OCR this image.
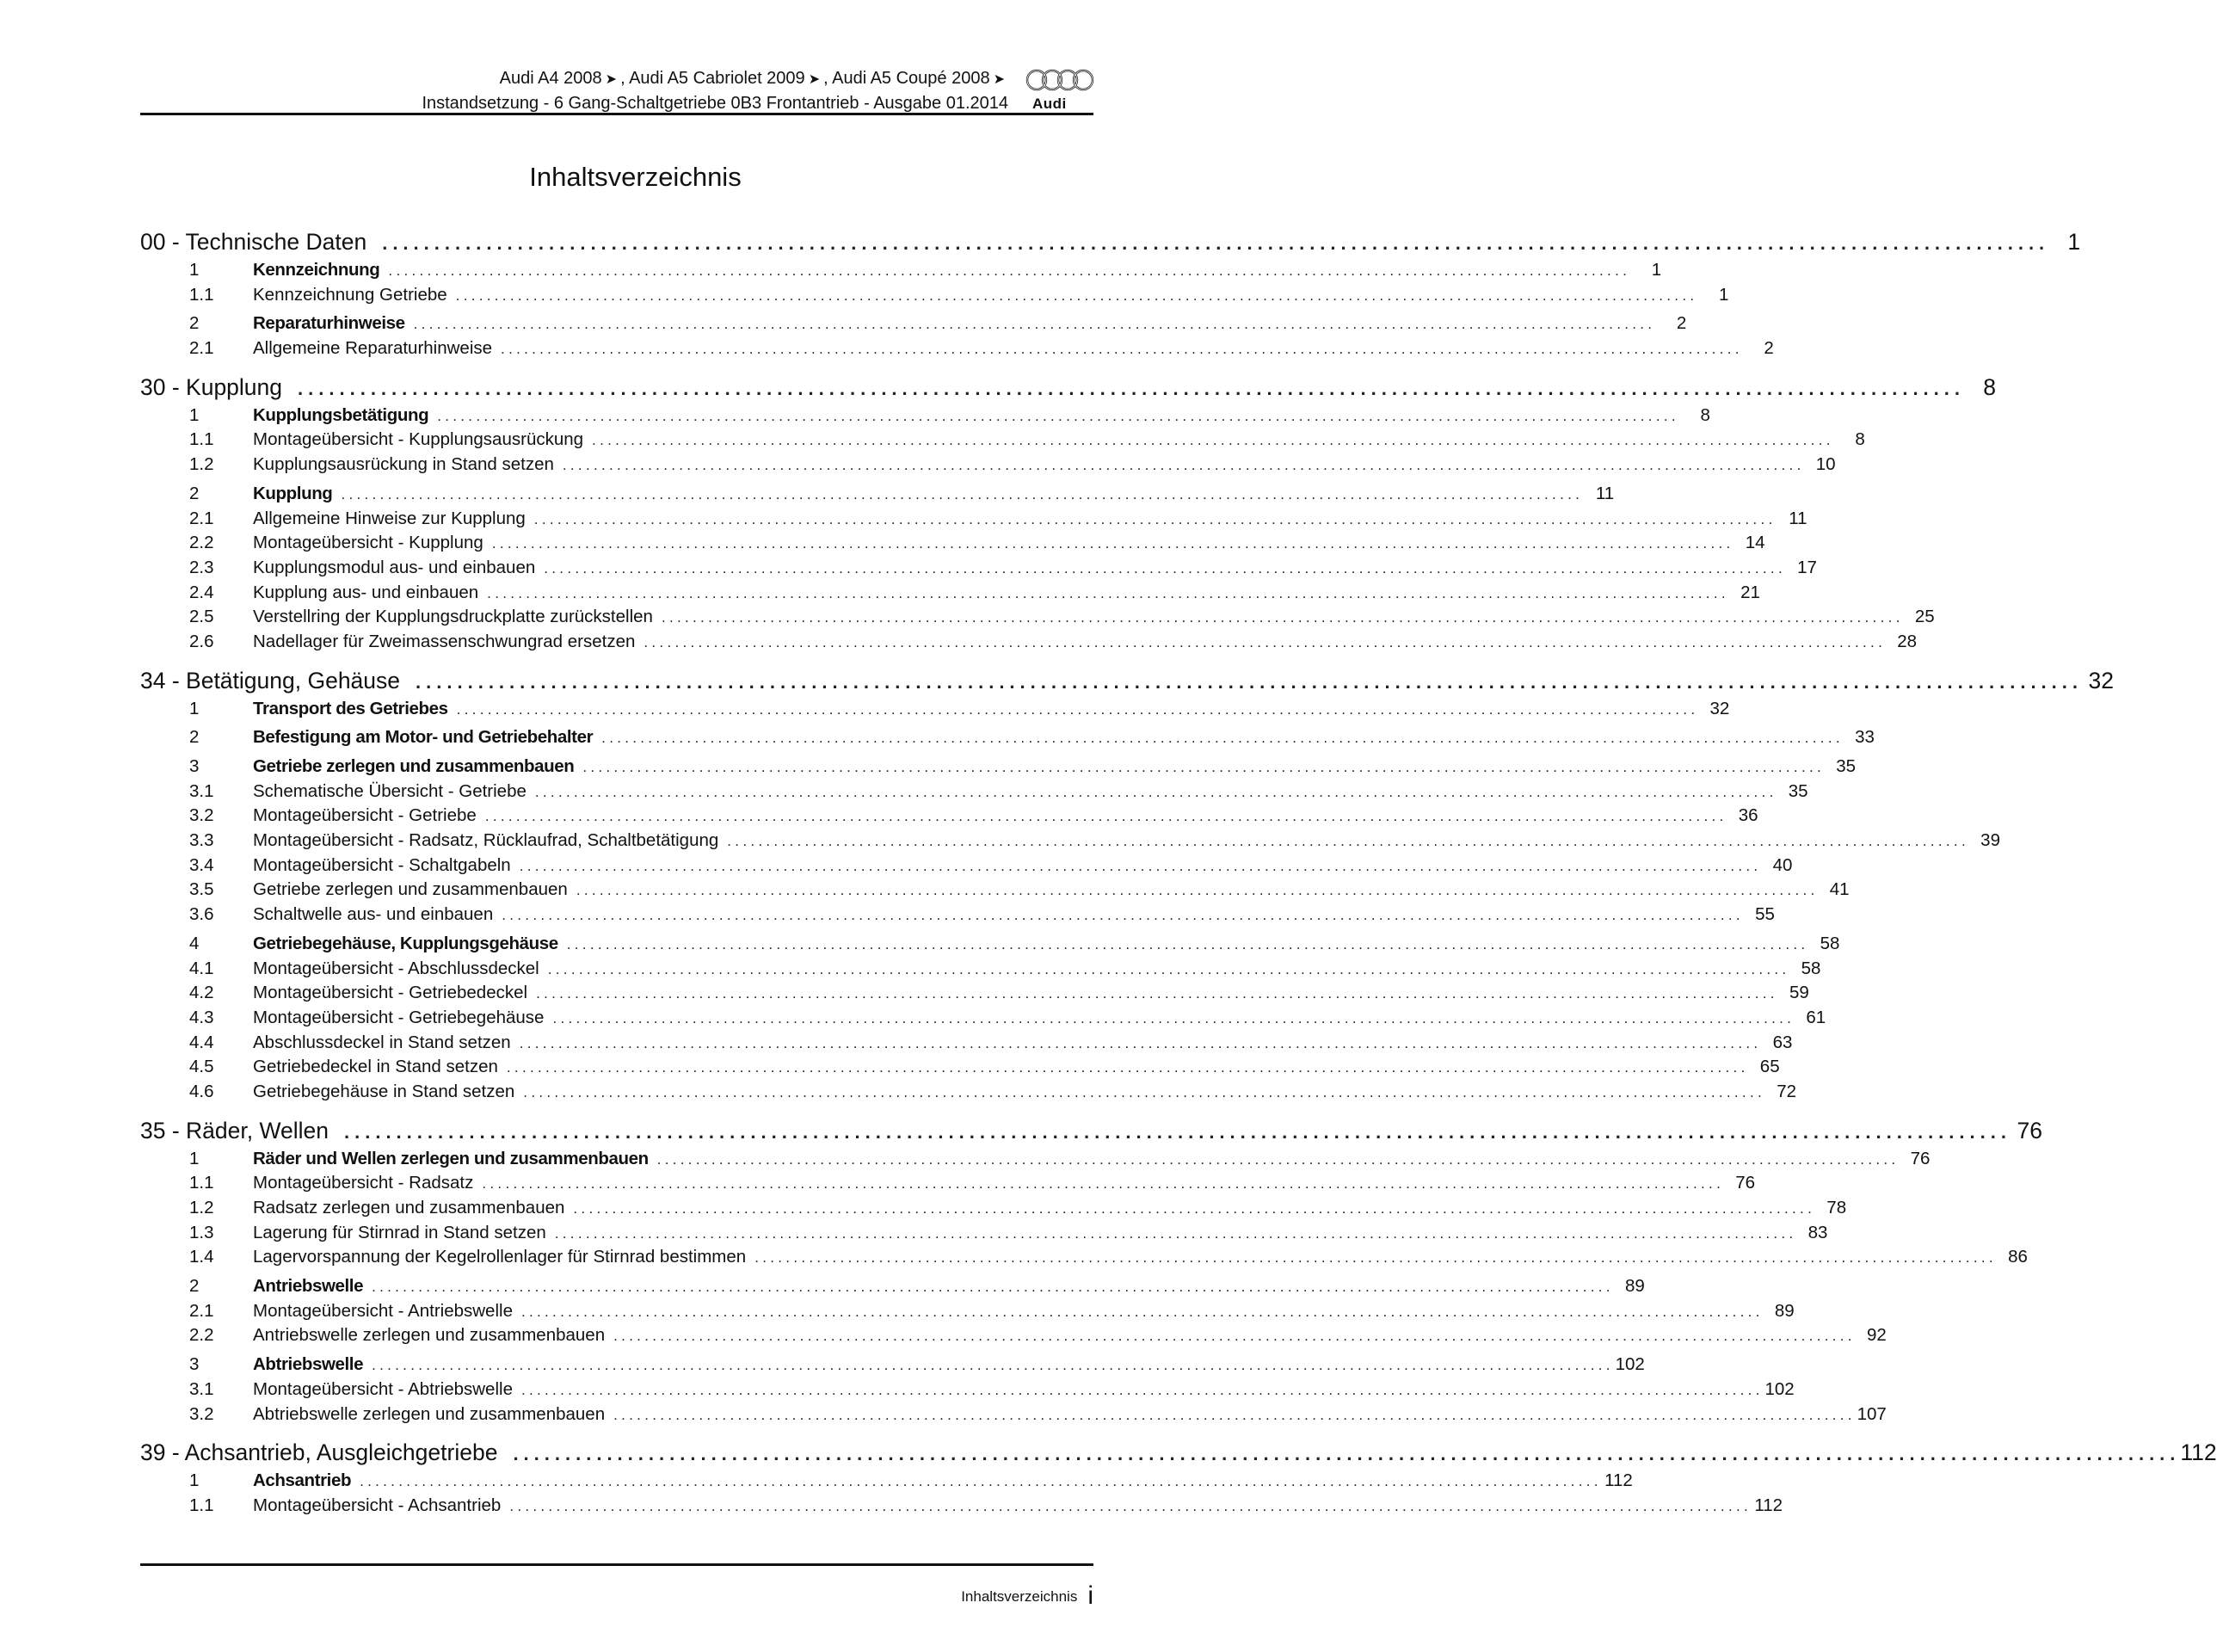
Audi A4 2008 ➤ , Audi A5 Cabriolet 2009 ➤ , Audi A5 Coupé 2008 ➤
Instandsetzung - 6 Gang-Schaltgetriebe 0B3 Frontantrieb - Ausgabe 01.2014 Audi
Inhaltsverzeichnis
00 - Technische Daten ................................................................................................................................................................ 1
1	Kennzeichnung ................................................................................................................................................................	1
1.1	Kennzeichnung Getriebe ................................................................................................................................................................	1
2	Reparaturhinweise ................................................................................................................................................................	2
2.1	Allgemeine Reparaturhinweise ................................................................................................................................................................	2
30 - Kupplung ................................................................................................................................................................ 8
1	Kupplungsbetätigung ................................................................................................................................................................	8
1.1	Montageübersicht - Kupplungsausrückung ................................................................................................................................................................	8
1.2	Kupplungsausrückung in Stand setzen ................................................................................................................................................................ 10
2	Kupplung ................................................................................................................................................................ 11
2.1	Allgemeine Hinweise zur Kupplung ................................................................................................................................................................ 11
2.2	Montageübersicht - Kupplung ................................................................................................................................................................ 14
2.3	Kupplungsmodul aus- und einbauen ................................................................................................................................................................ 17
2.4	Kupplung aus- und einbauen ................................................................................................................................................................ 21
2.5	Verstellring der Kupplungsdruckplatte zurückstellen ................................................................................................................................................................ 25
2.6	Nadellager für Zweimassenschwungrad ersetzen ................................................................................................................................................................ 28
34 - Betätigung, Gehäuse ................................................................................................................................................................ 32
1	Transport des Getriebes ................................................................................................................................................................ 32
2	Befestigung am Motor- und Getriebehalter ................................................................................................................................................................ 33
3	Getriebe zerlegen und zusammenbauen ................................................................................................................................................................ 35
3.1	Schematische Übersicht - Getriebe ................................................................................................................................................................ 35
3.2	Montageübersicht - Getriebe ................................................................................................................................................................ 36
3.3	Montageübersicht - Radsatz, Rücklaufrad, Schaltbetätigung ................................................................................................................................................................ 39
3.4	Montageübersicht - Schaltgabeln ................................................................................................................................................................ 40
3.5	Getriebe zerlegen und zusammenbauen ................................................................................................................................................................ 41
3.6	Schaltwelle aus- und einbauen ................................................................................................................................................................ 55
4	Getriebegehäuse, Kupplungsgehäuse ................................................................................................................................................................ 58
4.1	Montageübersicht - Abschlussdeckel ................................................................................................................................................................ 58
4.2	Montageübersicht - Getriebedeckel ................................................................................................................................................................ 59
4.3	Montageübersicht - Getriebegehäuse ................................................................................................................................................................ 61
4.4	Abschlussdeckel in Stand setzen ................................................................................................................................................................ 63
4.5	Getriebedeckel in Stand setzen ................................................................................................................................................................ 65
4.6	Getriebegehäuse in Stand setzen ................................................................................................................................................................ 72
35 - Räder, Wellen ................................................................................................................................................................ 76
1	Räder und Wellen zerlegen und zusammenbauen ................................................................................................................................................................ 76
1.1	Montageübersicht - Radsatz ................................................................................................................................................................ 76
1.2	Radsatz zerlegen und zusammenbauen ................................................................................................................................................................ 78
1.3	Lagerung für Stirnrad in Stand setzen ................................................................................................................................................................ 83
1.4	Lagervorspannung der Kegelrollenlager für Stirnrad bestimmen ................................................................................................................................................................ 86
2	Antriebswelle ................................................................................................................................................................ 89
2.1	Montageübersicht - Antriebswelle ................................................................................................................................................................ 89
2.2	Antriebswelle zerlegen und zusammenbauen ................................................................................................................................................................ 92
3	Abtriebswelle ................................................................................................................................................................ 102
3.1	Montageübersicht - Abtriebswelle ................................................................................................................................................................ 102
3.2	Abtriebswelle zerlegen und zusammenbauen ................................................................................................................................................................ 107
39 - Achsantrieb, Ausgleichgetriebe ................................................................................................................................................................ 112
1	Achsantrieb ................................................................................................................................................................ 112
1.1	Montageübersicht - Achsantrieb ................................................................................................................................................................ 112
Inhaltsverzeichnis i
